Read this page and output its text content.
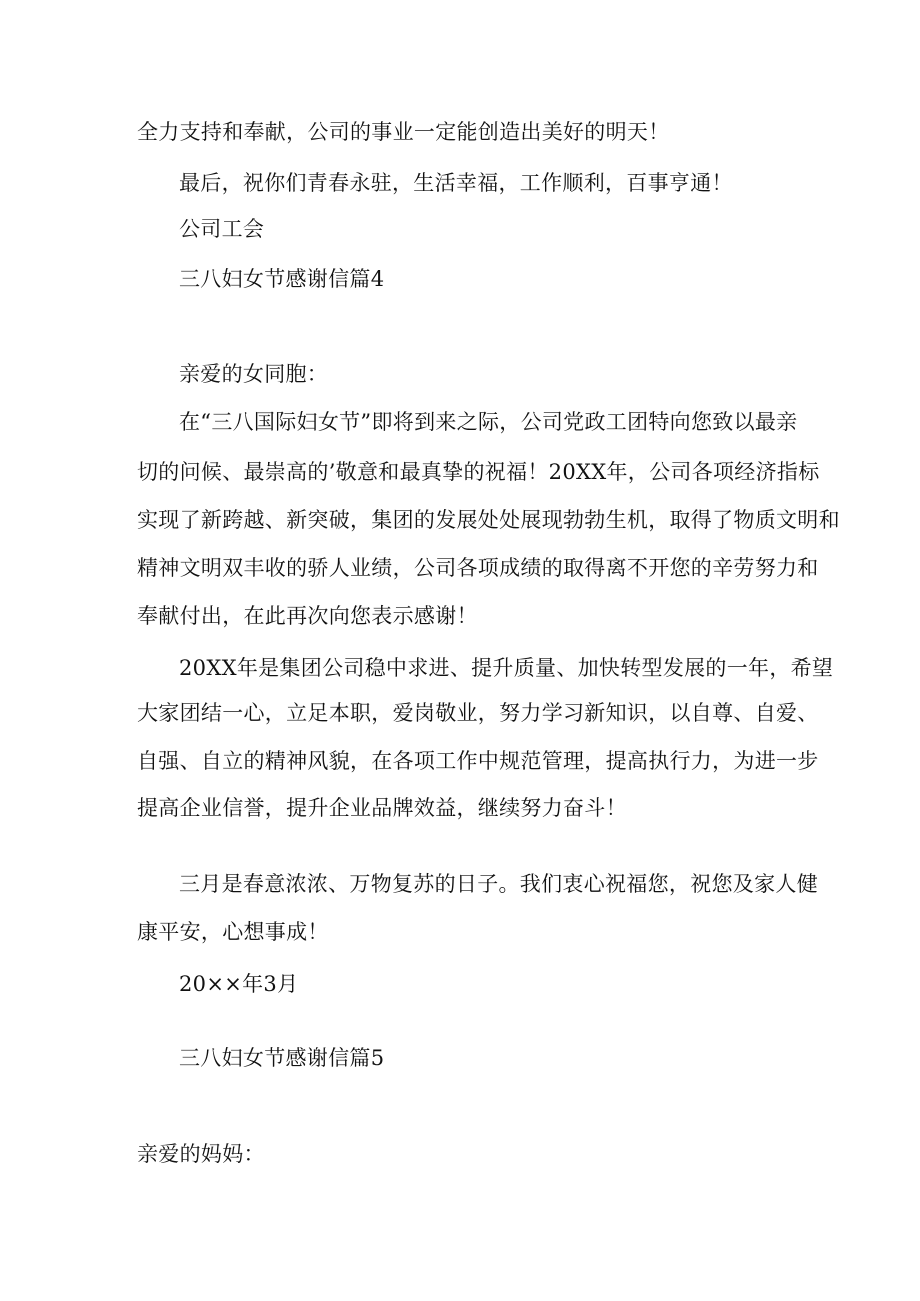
全力支持和奉献，公司的事业一定能创造出美好的明天！
最后，祝你们青春永驻，生活幸福，工作顺利，百事亨通！
公司工会
三八妇女节感谢信篇4
亲爱的女同胞：
在“三八国际妇女节”即将到来之际，公司党政工团特向您致以最亲
切的问候、最崇高的’敬意和最真挚的祝福！20XX年，公司各项经济指标
实现了新跨越、新突破，集团的发展处处展现勃勃生机，取得了物质文明和
精神文明双丰收的骄人业绩，公司各项成绩的取得离不开您的辛劳努力和
奉献付出，在此再次向您表示感谢！
20XX年是集团公司稳中求进、提升质量、加快转型发展的一年，希望
大家团结一心，立足本职，爱岗敬业，努力学习新知识，以自尊、自爱、
自强、自立的精神风貌，在各项工作中规范管理，提高执行力，为进一步
提高企业信誉，提升企业品牌效益，继续努力奋斗！
三月是春意浓浓、万物复苏的日子。我们衷心祝福您，祝您及家人健
康平安，心想事成！
20××年3月
三八妇女节感谢信篇5
亲爱的妈妈：
